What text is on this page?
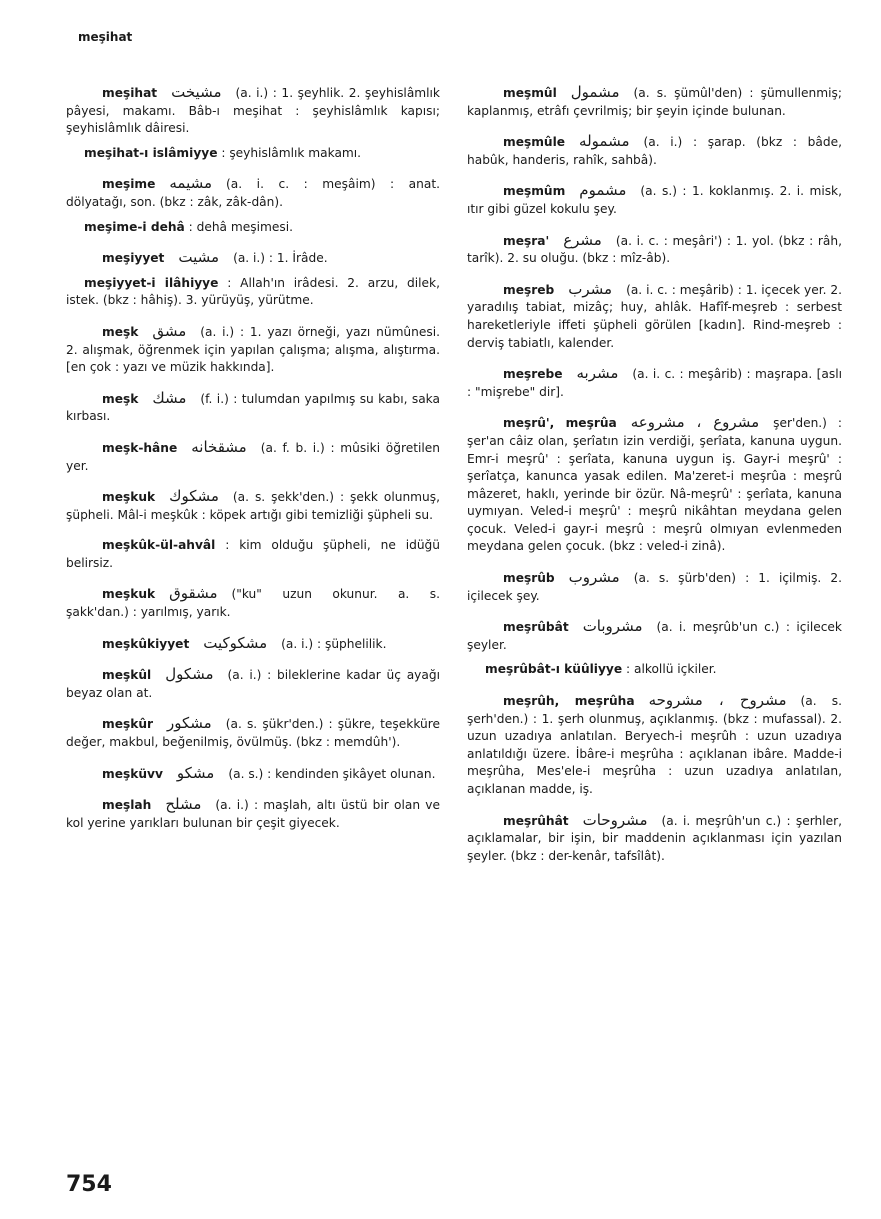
meşihat

meşihat مشيخت (a. i.) : 1. şeyhlik. 2. şeyhislâmlık pâyesi, makamı. Bâb-ı meşihat : şeyhislâmlık kapısı; şeyhislâmlık dâiresi.

meşihat-ı islâmiyye : şeyhislâmlık makamı.

meşime مشيمه (a. i. c. : meşâim) : anat. dölyatağı, son. (bkz : zâk, zâk-dân).

meşime-i dehâ : dehâ meşimesi.

meşiyyet مشيت (a. i.) : 1. İrâde.

meşiyyet-i ilâhiyye : Allah'ın irâdesi. 2. arzu, dilek, istek. (bkz : hâhiş). 3. yürüyüş, yürütme.

meşk مشق (a. i.) : 1. yazı örneği, yazı nümûnesi. 2. alışmak, öğrenmek için yapılan çalışma; alışma, alıştırma. [en çok : yazı ve müzik hakkında].

meşk مشك (f. i.) : tulumdan yapılmış su kabı, saka kırbası.

meşk-hâne مشقخانه (a. f. b. i.) : mûsiki öğretilen yer.

meşkuk مشكوك (a. s. şekk'den.) : şekk olunmuş, şüpheli. Mâl-i meşkûk : köpek artığı gibi temizliği şüpheli su.

meşkûk-ül-ahvâl : kim olduğu şüpheli, ne idüğü belirsiz.

meşkuk مشقوق ("ku" uzun okunur. a. s. şakk'dan.) : yarılmış, yarık.

meşkûkiyyet مشكوكيت (a. i.) : şüphelilik.

meşkûl مشكول (a. i.) : bileklerine kadar üç ayağı beyaz olan at.

meşkûr مشكور (a. s. şükr'den.) : şükre, teşekküre değer, makbul, beğenilmiş, övülmüş. (bkz : memdûh').

meşküvv مشكو (a. s.) : kendinden şikâyet olunan.

meşlah مشلح (a. i.) : maşlah, altı üstü bir olan ve kol yerine yarıkları bulunan bir çeşit giyecek.

meşmûl مشمول (a. s. şümûl'den) : şümullenmiş; kaplanmış, etrâfı çevrilmiş; bir şeyin içinde bulunan.

meşmûle مشموله (a. i.) : şarap. (bkz : bâde, habûk, handeris, rahîk, sahbâ).

meşmûm مشموم (a. s.) : 1. koklanmış. 2. i. misk, ıtır gibi güzel kokulu şey.

meşra' مشرع (a. i. c. : meşâri') : 1. yol. (bkz : râh, tarîk). 2. su oluğu. (bkz : mîz-âb).

meşreb مشرب (a. i. c. : meşârib) : 1. içecek yer. 2. yaradılış tabiat, mizâç; huy, ahlâk. Hafîf-meşreb : serbest hareketleriyle iffeti şüpheli görülen [kadın]. Rind-meşreb : derviş tabiatlı, kalender.

meşrebe مشربه (a. i. c. : meşârib) : maşrapa. [aslı : "mişrebe" dir].

meşrû', meşrûa مشروع ، مشروعه şer'den.) : şer'an câiz olan, şerîatın izin verdiği, şerîata, kanuna uygun. Emr-i meşrû' : şerîata, kanuna uygun iş. Gayr-i meşrû' : şerîatça, kanunca yasak edilen. Ma'zeret-i meşrûa : meşrû mâzeret, haklı, yerinde bir özür. Nâ-meşrû' : şerîata, kanuna uymıyan. Veled-i meşrû' : meşrû nikâhtan meydana gelen çocuk. Veled-i gayr-i meşrû : meşrû olmıyan evlenmeden meydana gelen çocuk. (bkz : veled-i zinâ).

meşrûb مشروب (a. s. şürb'den) : 1. içilmiş. 2. içilecek şey.

meşrûbât مشروبات (a. i. meşrûb'un c.) : içilecek şeyler.

meşrûbât-ı küûliyye : alkollü içkiler.

meşrûh, meşrûha مشروح ، مشروحه (a. s. şerh'den.) : 1. şerh olunmuş, açıklanmış. (bkz : mufassal). 2. uzun uzadıya anlatılan. Beryech-i meşrûh : uzun uzadıya anlatıldığı üzere. İbâre-i meşrûha : açıklanan ibâre. Madde-i meşrûha, Mes'ele-i meşrûha : uzun uzadıya anlatılan, açıklanan madde, iş.

meşrûhât مشروحات (a. i. meşrûh'un c.) : şerhler, açıklamalar, bir işin, bir maddenin açıklanması için yazılan şeyler. (bkz : der-kenâr, tafsîlât).

754
